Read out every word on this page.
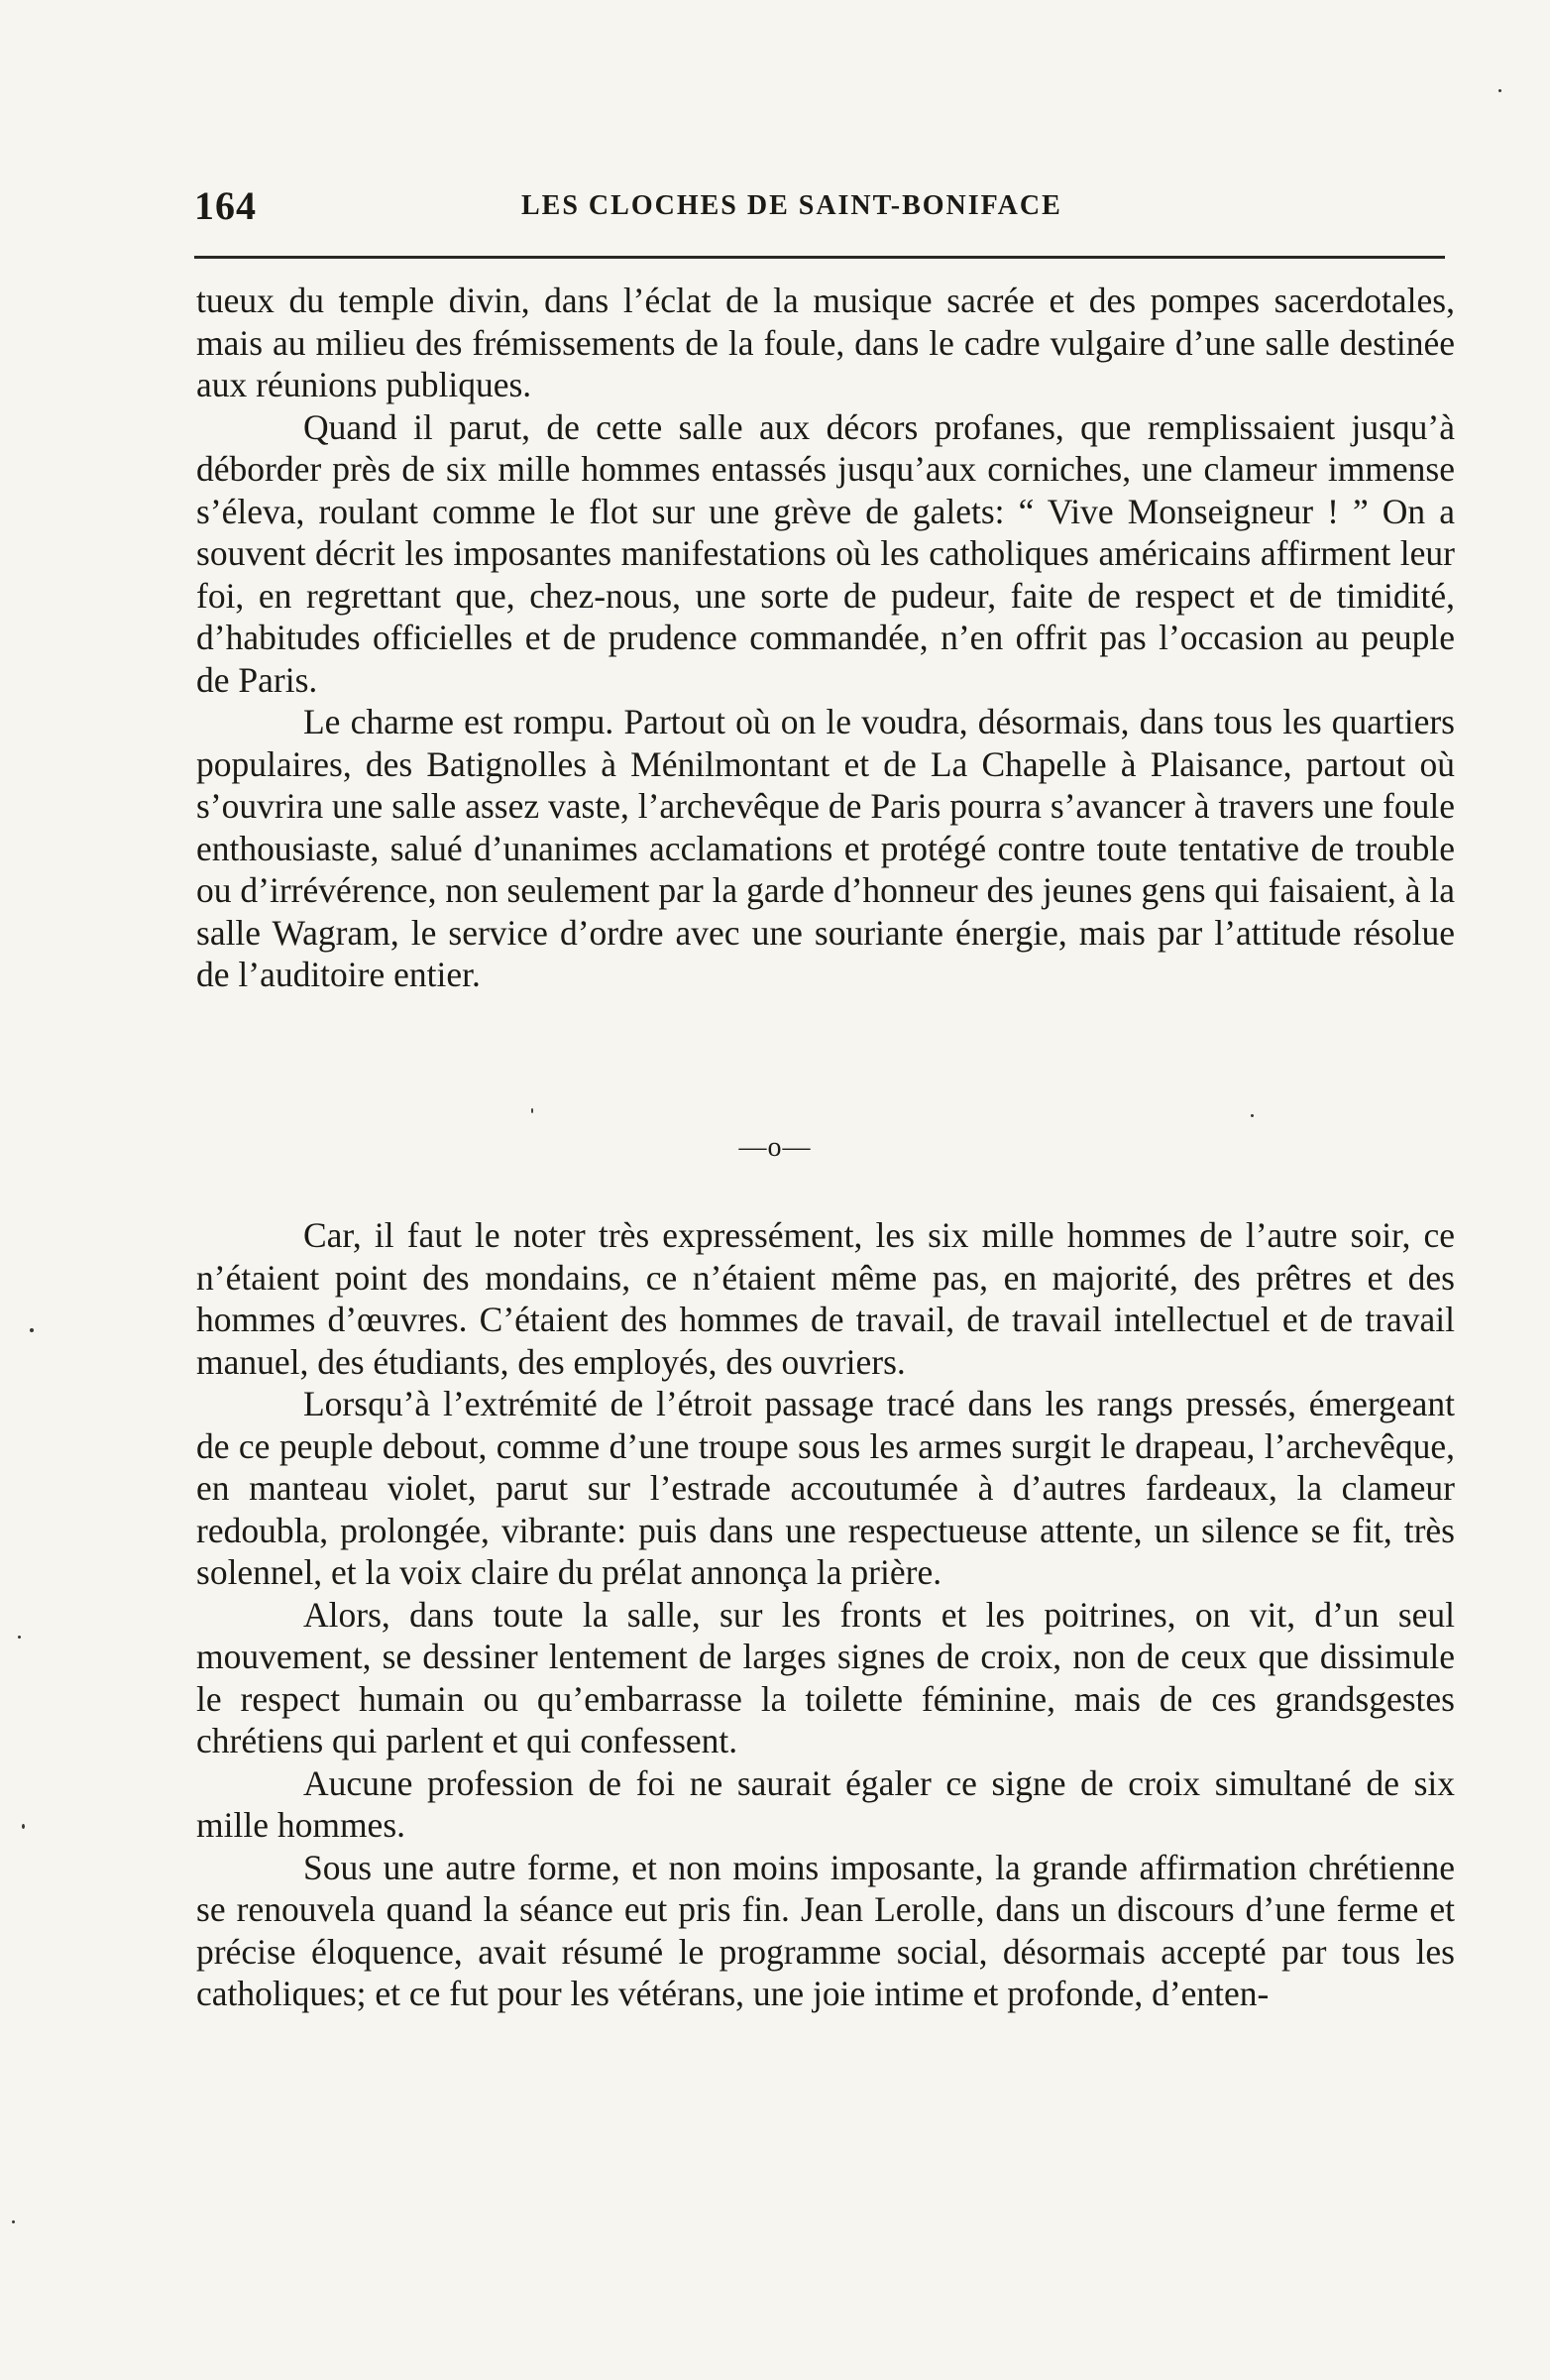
164	LES CLOCHES DE SAINT-BONIFACE

tueux du temple divin, dans l’éclat de la musique sacrée et des pompes sacerdotales, mais au milieu des frémissements de la foule, dans le cadre vulgaire d’une salle destinée aux réunions publiques.

Quand il parut, de cette salle aux décors profanes, que remplissaient jusqu’à déborder près de six mille hommes entassés jusqu’aux corniches, une clameur immense s’éleva, roulant comme le flot sur une grève de galets: “ Vive Monseigneur ! ” On a souvent décrit les imposantes manifestations où les catholiques américains affirment leur foi, en regrettant que, chez-nous, une sorte de pudeur, faite de respect et de timidité, d’habitudes officielles et de prudence commandée, n’en offrit pas l’occasion au peuple de Paris.

Le charme est rompu. Partout où on le voudra, désormais, dans tous les quartiers populaires, des Batignolles à Ménilmontant et de La Chapelle à Plaisance, partout où s’ouvrira une salle assez vaste, l’archevêque de Paris pourra s’avancer à travers une foule enthousiaste, salué d’unanimes acclamations et protégé contre toute tentative de trouble ou d’irrévérence, non seulement par la garde d’honneur des jeunes gens qui faisaient, à la salle Wagram, le service d’ordre avec une souriante énergie, mais par l’attitude résolue de l’auditoire entier.

—o—

Car, il faut le noter très expressément, les six mille hommes de l’autre soir, ce n’étaient point des mondains, ce n’étaient même pas, en majorité, des prêtres et des hommes d’œuvres. C’étaient des hommes de travail, de travail intellectuel et de travail manuel, des étudiants, des employés, des ouvriers.

Lorsqu’à l’extrémité de l’étroit passage tracé dans les rangs pressés, émergeant de ce peuple debout, comme d’une troupe sous les armes surgit le drapeau, l’archevêque, en manteau violet, parut sur l’estrade accoutumée à d’autres fardeaux, la clameur redoubla, prolongée, vibrante: puis dans une respectueuse attente, un silence se fit, très solennel, et la voix claire du prélat annonça la prière.

Alors, dans toute la salle, sur les fronts et les poitrines, on vit, d’un seul mouvement, se dessiner lentement de larges signes de croix, non de ceux que dissimule le respect humain ou qu’embarrasse la toilette féminine, mais de ces grandsgestes chrétiens qui parlent et qui confessent.

Aucune profession de foi ne saurait égaler ce signe de croix simultané de six mille hommes.

Sous une autre forme, et non moins imposante, la grande affirmation chrétienne se renouvela quand la séance eut pris fin. Jean Lerolle, dans un discours d’une ferme et précise éloquence, avait résumé le programme social, désormais accepté par tous les catholiques; et ce fut pour les vétérans, une joie intime et profonde, d’enten-
